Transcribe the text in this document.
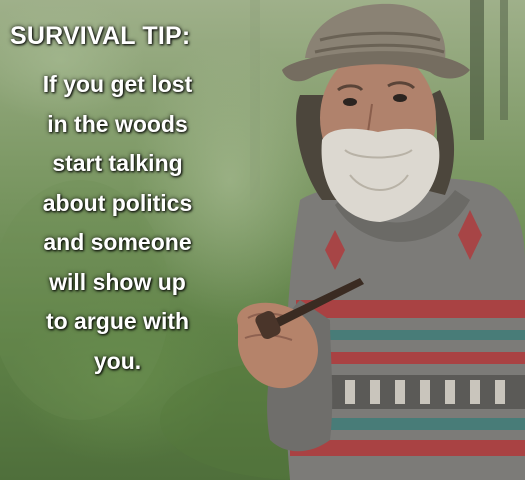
SURVIVAL TIP:
If you get lost
in the woods
start talking
about politics
and someone
will show up
to argue with
you.
